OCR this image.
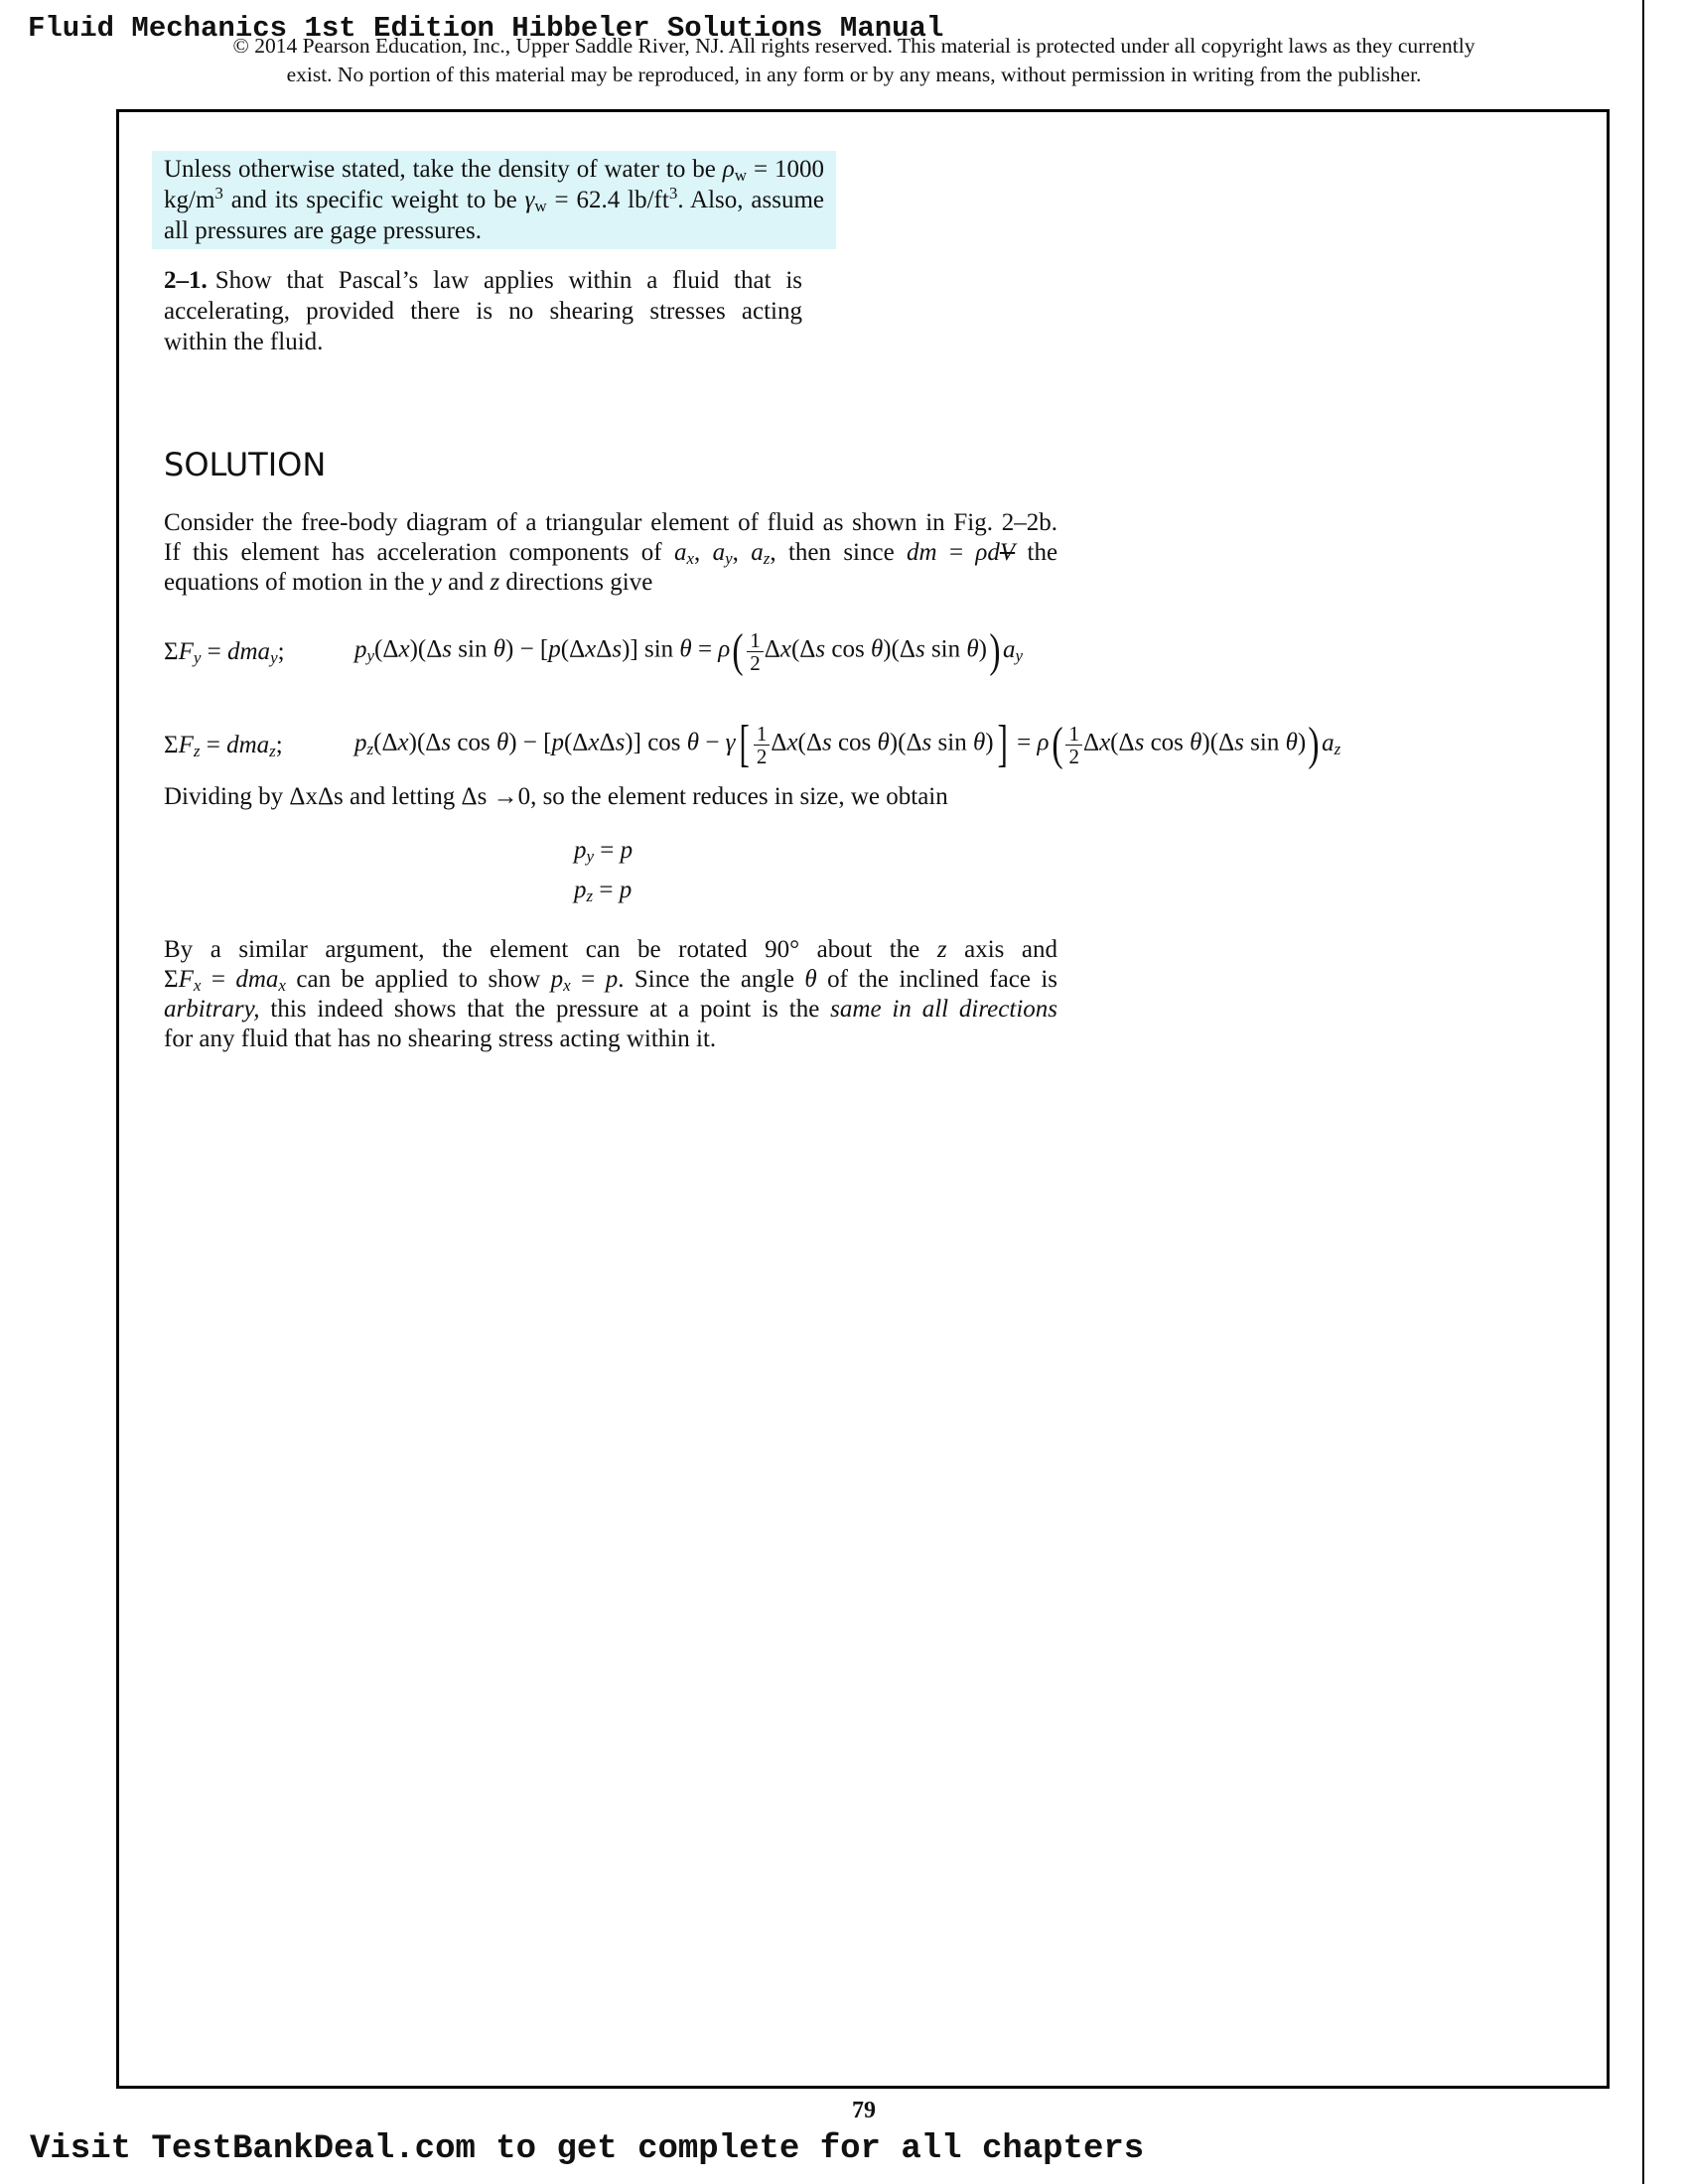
Fluid Mechanics 1st Edition Hibbeler Solutions Manual
© 2014 Pearson Education, Inc., Upper Saddle River, NJ. All rights reserved. This material is protected under all copyright laws as they currently
exist. No portion of this material may be reproduced, in any form or by any means, without permission in writing from the publisher.
Unless otherwise stated, take the density of water to be $\rho_w = 1000$ $kg/m^3$ and its specific weight to be $\gamma_w = 62.4$ $lb/ft^3$. Also, assume all pressures are gage pressures.
2–1. Show that Pascal’s law applies within a fluid that is accelerating, provided there is no shearing stresses acting within the fluid.
SOLUTION
Consider the free-body diagram of a triangular element of fluid as shown in Fig. 2–2b.
If this element has acceleration components of $a_x$, $a_y$, $a_z$, then since dm = ρdV the
equations of motion in the y and z directions give
$\Sigma F_y = dma_y$;	$p_y(\Delta x)(\Delta s$ sin θ) − [p(ΔxΔs)] $\sin \theta = \rho( \frac{1}{2} \Delta x(\Delta s$ cos θ)(Δs $\sin \theta))a_y$
$\Sigma F_z = dma_z$;	$p_z(\Delta x)(\Delta s$ cos θ) − [p(ΔxΔs)] $\cos \theta - \gamma[ \frac{1}{2} \Delta x(\Delta s$ cos θ)(Δs $\sin \theta)] = \rho( \frac{1}{2} \Delta x(\Delta s$ cos θ)(Δs $\sin \theta))a_z$
Dividing by ΔxΔs and letting Δs →0, so the element reduces in size, we obtain
$p_y = p$
$p_z = p$
By a similar argument, the element can be rotated 90° about the z axis and
$\Sigma F_x = dma_x$ can be applied to show $p_x = p$. Since the angle θ of the inclined face is
arbitrary, this indeed shows that the pressure at a point is the same in all directions
for any fluid that has no shearing stress acting within it.
79

Visit TestBankDeal.com to get complete for all chapters
